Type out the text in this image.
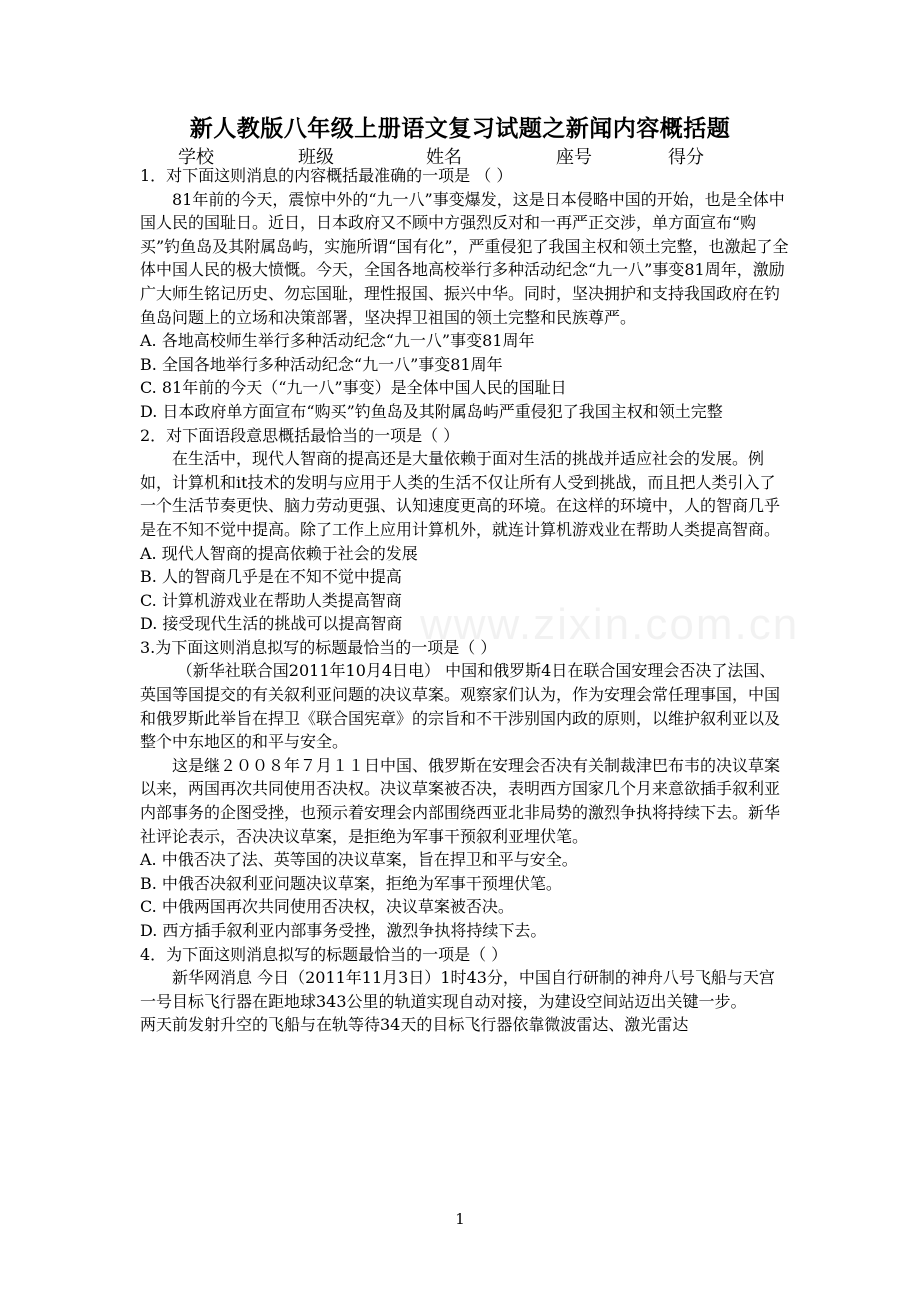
新人教版八年级上册语文复习试题之新闻内容概括题
学校	班级	姓名	座号	得分
www.zixin.com.cn

1．对下面这则消息的内容概括最准确的一项是 （ ）

81年前的今天，震惊中外的“九一八”事变爆发，这是日本侵略中国的开始，也是全体中国人民的国耻日。近日，日本政府又不顾中方强烈反对和一再严正交涉，单方面宣布“购买”钓鱼岛及其附属岛屿，实施所谓“国有化”，严重侵犯了我国主权和领土完整，也激起了全体中国人民的极大愤慨。今天，全国各地高校举行多种活动纪念“九一八”事变81周年，激励广大师生铭记历史、勿忘国耻，理性报国、振兴中华。同时，坚决拥护和支持我国政府在钓鱼岛问题上的立场和决策部署，坚决捍卫祖国的领土完整和民族尊严。

A. 各地高校师生举行多种活动纪念“九一八”事变81周年

B. 全国各地举行多种活动纪念“九一八”事变81周年

C. 81年前的今天（“九一八”事变）是全体中国人民的国耻日

D. 日本政府单方面宣布“购买”钓鱼岛及其附属岛屿严重侵犯了我国主权和领土完整

2．对下面语段意思概括最恰当的一项是（ ）

在生活中，现代人智商的提高还是大量依赖于面对生活的挑战并适应社会的发展。例如，计算机和it技术的发明与应用于人类的生活不仅让所有人受到挑战，而且把人类引入了一个生活节奏更快、脑力劳动更强、认知速度更高的环境。在这样的环境中，人的智商几乎是在不知不觉中提高。除了工作上应用计算机外，就连计算机游戏业在帮助人类提高智商。

A. 现代人智商的提高依赖于社会的发展

B. 人的智商几乎是在不知不觉中提高

C. 计算机游戏业在帮助人类提高智商

D. 接受现代生活的挑战可以提高智商

3.为下面这则消息拟写的标题最恰当的一项是（ ）

（新华社联合国2011年10月4日电） 中国和俄罗斯4日在联合国安理会否决了法国、英国等国提交的有关叙利亚问题的决议草案。观察家们认为，作为安理会常任理事国，中国和俄罗斯此举旨在捍卫《联合国宪章》的宗旨和不干涉别国内政的原则，以维护叙利亚以及整个中东地区的和平与安全。

这是继２００８年７月１１日中国、俄罗斯在安理会否决有关制裁津巴布韦的决议草案以来，两国再次共同使用否决权。决议草案被否决，表明西方国家几个月来意欲插手叙利亚内部事务的企图受挫，也预示着安理会内部围绕西亚北非局势的激烈争执将持续下去。新华社评论表示，否决决议草案，是拒绝为军事干预叙利亚埋伏笔。

A. 中俄否决了法、英等国的决议草案，旨在捍卫和平与安全。

B. 中俄否决叙利亚问题决议草案，拒绝为军事干预埋伏笔。

C. 中俄两国再次共同使用否决权，决议草案被否决。

D. 西方插手叙利亚内部事务受挫，激烈争执将持续下去。

4．为下面这则消息拟写的标题最恰当的一项是（ ）

新华网消息 今日（2011年11月3日）1时43分，中国自行研制的神舟八号飞船与天宫一号目标飞行器在距地球343公里的轨道实现自动对接，为建设空间站迈出关键一步。

两天前发射升空的飞船与在轨等待34天的目标飞行器依靠微波雷达、激光雷达

1
